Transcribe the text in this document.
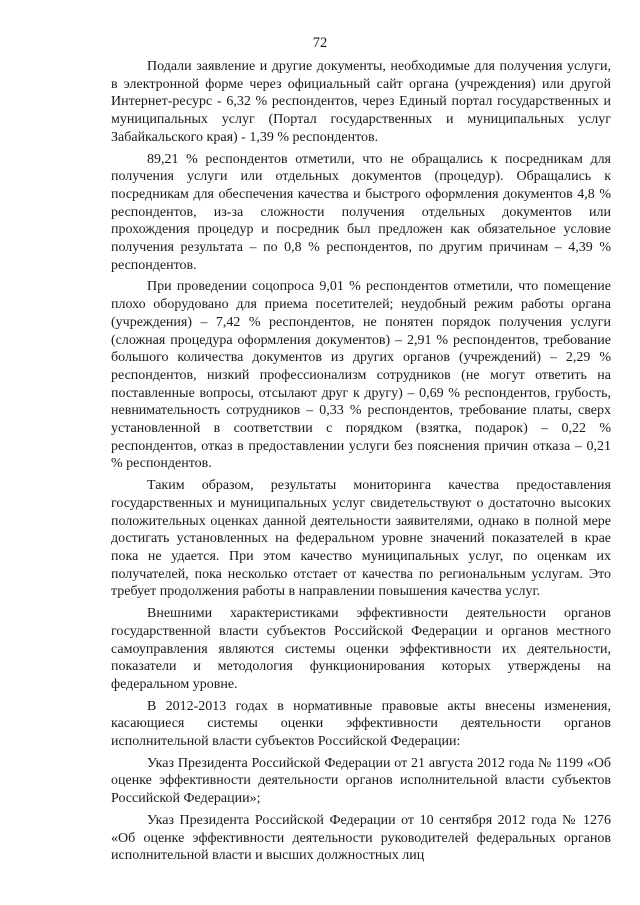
72

Подали заявление и другие документы, необходимые для получения услуги, в электронной форме через официальный сайт органа (учреждения) или другой Интернет-ресурс - 6,32 % респондентов, через Единый портал государственных и муниципальных услуг (Портал государственных и муниципальных услуг Забайкальского края) - 1,39 % респондентов.

89,21 % респондентов отметили, что не обращались к посредникам для получения услуги или отдельных документов (процедур). Обращались к посредникам для обеспечения качества и быстрого оформления документов 4,8 % респондентов, из-за сложности получения отдельных документов или прохождения процедур и посредник был предложен как обязательное условие получения результата – по 0,8 % респондентов, по другим причинам – 4,39 % респондентов.

При проведении соцопроса 9,01 % респондентов отметили, что помещение плохо оборудовано для приема посетителей; неудобный режим работы органа (учреждения) – 7,42 % респондентов, не понятен порядок получения услуги (сложная процедура оформления документов) – 2,91 % респондентов, требование большого количества документов из других органов (учреждений) – 2,29 % респондентов, низкий профессионализм сотрудников (не могут ответить на поставленные вопросы, отсылают друг к другу) – 0,69 % респондентов, грубость, невнимательность сотрудников – 0,33 % респондентов, требование платы, сверх установленной в соответствии с порядком (взятка, подарок) – 0,22 % респондентов, отказ в предоставлении услуги без пояснения причин отказа – 0,21 % респондентов.

Таким образом, результаты мониторинга качества предоставления государственных и муниципальных услуг свидетельствуют о достаточно высоких положительных оценках данной деятельности заявителями, однако в полной мере достигать установленных на федеральном уровне значений показателей в крае пока не удается. При этом качество муниципальных услуг, по оценкам их получателей, пока несколько отстает от качества по региональным услугам. Это требует продолжения работы в направлении повышения качества услуг.

Внешними характеристиками эффективности деятельности органов государственной власти субъектов Российской Федерации и органов местного самоуправления являются системы оценки эффективности их деятельности, показатели и методология функционирования которых утверждены на федеральном уровне.

В 2012-2013 годах в нормативные правовые акты внесены изменения, касающиеся системы оценки эффективности деятельности органов исполнительной власти субъектов Российской Федерации:

Указ Президента Российской Федерации от 21 августа 2012 года № 1199 «Об оценке эффективности деятельности органов исполнительной власти субъектов Российской Федерации»;

Указ Президента Российской Федерации от 10 сентября 2012 года № 1276 «Об оценке эффективности деятельности руководителей федеральных органов исполнительной власти и высших должностных лиц
